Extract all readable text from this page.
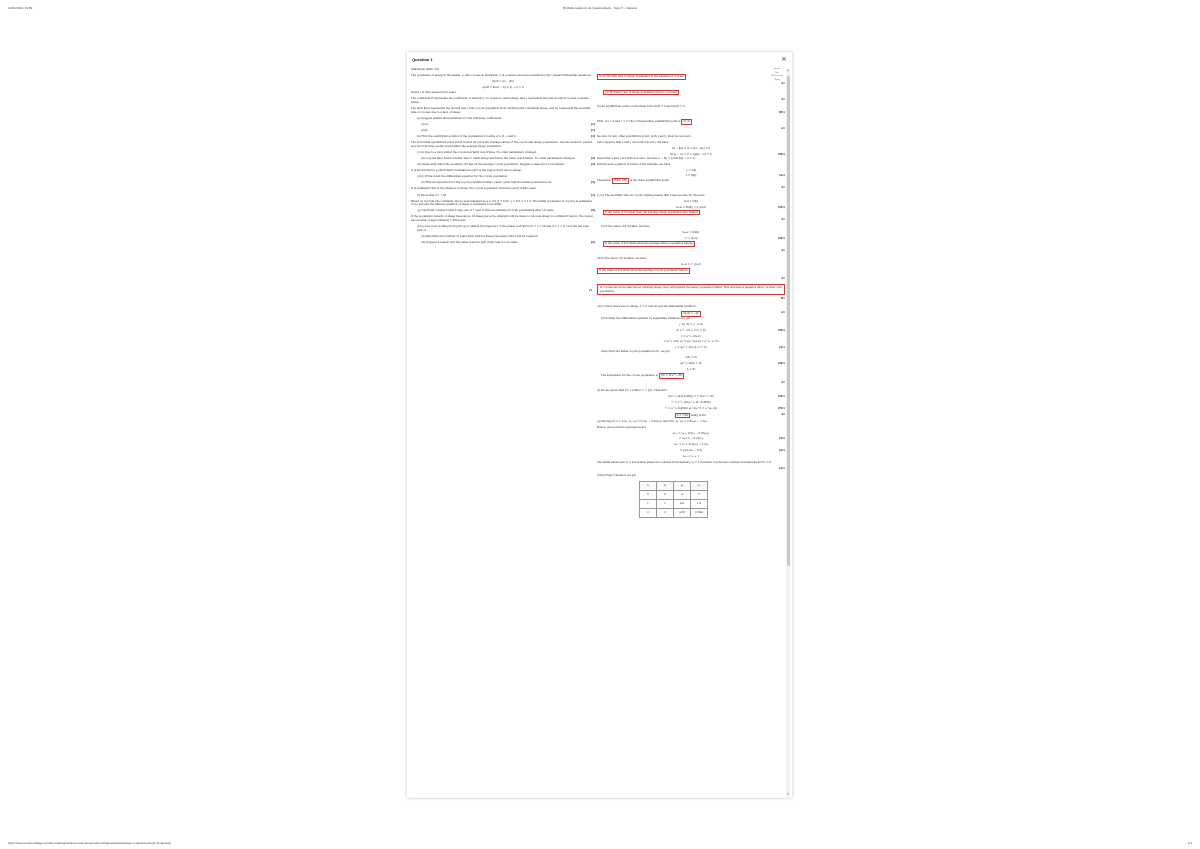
13/01/2024, 19:59	IB Mathematics AI HL Questionbank - Topic 5 - Calculus
Question 1	×
[Maximum mark: 30]
The population of sheep in thousands, x, and coyotes in hundreds, y, in a remote area are modelled by the coupled differential equations
dx/dt = αx − βxy
dy/dt = βxαy − δy α, β, γ, δ > 0
where t is time measured in years.
The coefficient β represents the coefficient of efficiency of coyotes to catch sheep, and γ represents the rate at which coyotes consume sheep.
The term βxαy represents the growth rate of the coyote population from catching and consuming sheep, and δy represents the mortality rate of coyotes due to a lack of sheep.
(a) Suggest similar interpretations for the following coefficients:
(i) αx.	[1]
(ii) β.	[1]
(b) Find the equilibrium points for the populations in terms of α, β, γ and δ.	[3]
The non-trivial equilibrium point found in part (b) gives the average values of the coyote and sheep populations. Use the model to predict how the following events would affect the average sheep population.
(c) (i) Due to a long winter the coyote mortality rate triples. No other parameters changed.
(ii) Coyotes have found a better way to catch sheep and hence the value of β doubled. No other parameters changed.	[2]
(iii) State what effect the doubling of β has on the average coyote population. Suggest a reason for your answer.	[2]
It is known that in a particularly mountainous part of the region there are no sheep.
(d) (i) Write down the differential equation for the coyote population.
(ii) Find an expression for the coyote population after t years, given that the initial population is P₀.	[3]
It is estimated that in the absence of sheep, the coyote population will halve every 0.462 years.
(f) Show that δ = 1.50.	[1]
Based on records, the constants can be approximated as α = 0.5, β = 0.25, γ = 0.6, δ = 1.5. The initial population of coyotes is estimated to be 200 and the initial population of sheep is estimated to be 4000.
(g) Use Euler’s method with a step size of 1 year to find an estimate for both populations after 10 years.	[4]
If the population density of sheep rises above 10 sheep per acre, attempts will be made to relocate sheep to a different region. The region has an area of approximately 1 000 acres.
(h) (i) Use your working from part (g) to sketch the trajectory of the phase portrait for 0 < x < 20 and 0 < y < 8, over the ten year period.
(ii) Determine the number of years after which a sheep relocation effort will be required.
(iii) Suggest a reason why the value found in part (h)(ii) may not be valid.	[2]
Resize
Text
Markscheme (Print)
(a) (i) Growth rate of sheep population in the absence of coyotes
A1
(ii) Mortality rate of sheep population (due to coyotes)
A1
(b) An equilibrium point occurs when both dx/dt = 0 and dy/dt = 0.
(R1)
First, if x = 0 and y = 0, the corresponding equilibrium point is (0, 0)
A1
Second, for any other equilibrium point, both x and y must be non-zero.
Let’s suppose that x and y are both non-zero. We have
αx − βxy = 0 ⇒ x(α − βy) = 0
βxγy − δy = 0 ⇒ y(βγx − δ) = 0	(M1)
Given that x and y are both non-zero, we have α − βy = 0 and βγx − δ = 0.
Solving each equation in terms of the variable, we have
y = α/β
x = δ/βγ	(A1)
Therefore, (δ/βγ, α/β) is the other equilibrium point.
A1
(c) (i) The mortality rate for coyote tripling means that δ has become 3δ. We have
x̄ₒₗd = δ/βγ
x̄ₙₑw = 3δ/βγ = 3 (x̄ₒₗd)	(M1)
If the value of δ tripled then the average sheep population also tripled.
A1
(ii) If the value of β doubles, we have
x̄ₙₑw = δ/2βγ
= ½ (x̄ₒₗd)	(M1)
If the value of β doubles then the average sheep population halves.
A1
(iii) If the value of β doubles, we have
ȳₙₑw = ½ (ȳₒₗd)
If the value of β doubles then the average coyote population halves.
A1
If coyotes are more effective at catching sheep, they will deplete the sheep population faster. This will have a negative effect on their own population.
▸1
R1
(d) (i) Since there are no sheep, x = 0, and we get the differential equation
dy/dt = −δy	A1
(ii) Solving the differential equation by separating variables, we get
∫ 1/y dy = ∫ −δ dt
ln y = −δt + C (y > 0)	(M1)
y = e^(−δt+C)
= (e^(−δt)) (e^C) (e^(a+b) = e^a · e^b)
y = Ae^(−δt) (A = e^C)	(A1)
Using that the initial coyote population is P₀, we get
y(0) = P₀
Ae^(−δ(0)) = P₀	(M1)
A = P₀
The expression for the coyote population is y(t) = P₀e^(−δt)
A1
(f) We are given that y(t + 0.462) = ½ y(t). Therefore
P₀e^(−δ(t+0.462)) = ½ P₀e^(−δt)	(M1)
½ = e^(−δt)/e^(−δt−0.462δ)
½ = e^(−0.462δ) (e^a/e^b = e^(a−b))	(M1)
δ = 1.50 using G.D.C.	A1
(g) We have h = 1, f₁(tₙ, xₙ, yₙ) = 0.5xₙ − 0.25xₙyₙ and f₂(tₙ, xₙ, yₙ) = 0.2xₙyₙ − 1.5yₙ.
Hence, the recursive expressions are
xₙ₊₁ = xₙ + 0.5xₙ − 0.25xₙyₙ
= xₙ(1.5 − 0.25yₙ)	(A1)
yₙ₊₁ = yₙ + 0.2xₙyₙ − 1.5yₙ
= yₙ(0.2xₙ − 0.5)	(A1)
tₙ₊₁ = tₙ + 1
The initial values are x₀ = 4 (because sheep are counted in thousands), y₀ = 2 (because coyotes are counted in hundreds) and t₀ = 0.
(A1)
Using Euler’s method, we get
n	tₙ	xₙ	yₙ
0	0	4	2
1	1	4.9	1.4
2	2	4.56	0.644
▴
▾
https://www.revisionvillage.com/ib-math/applications-and-interpretation-hl/questionbank/paper-3-questions/topic-5-calculus/	1/1
